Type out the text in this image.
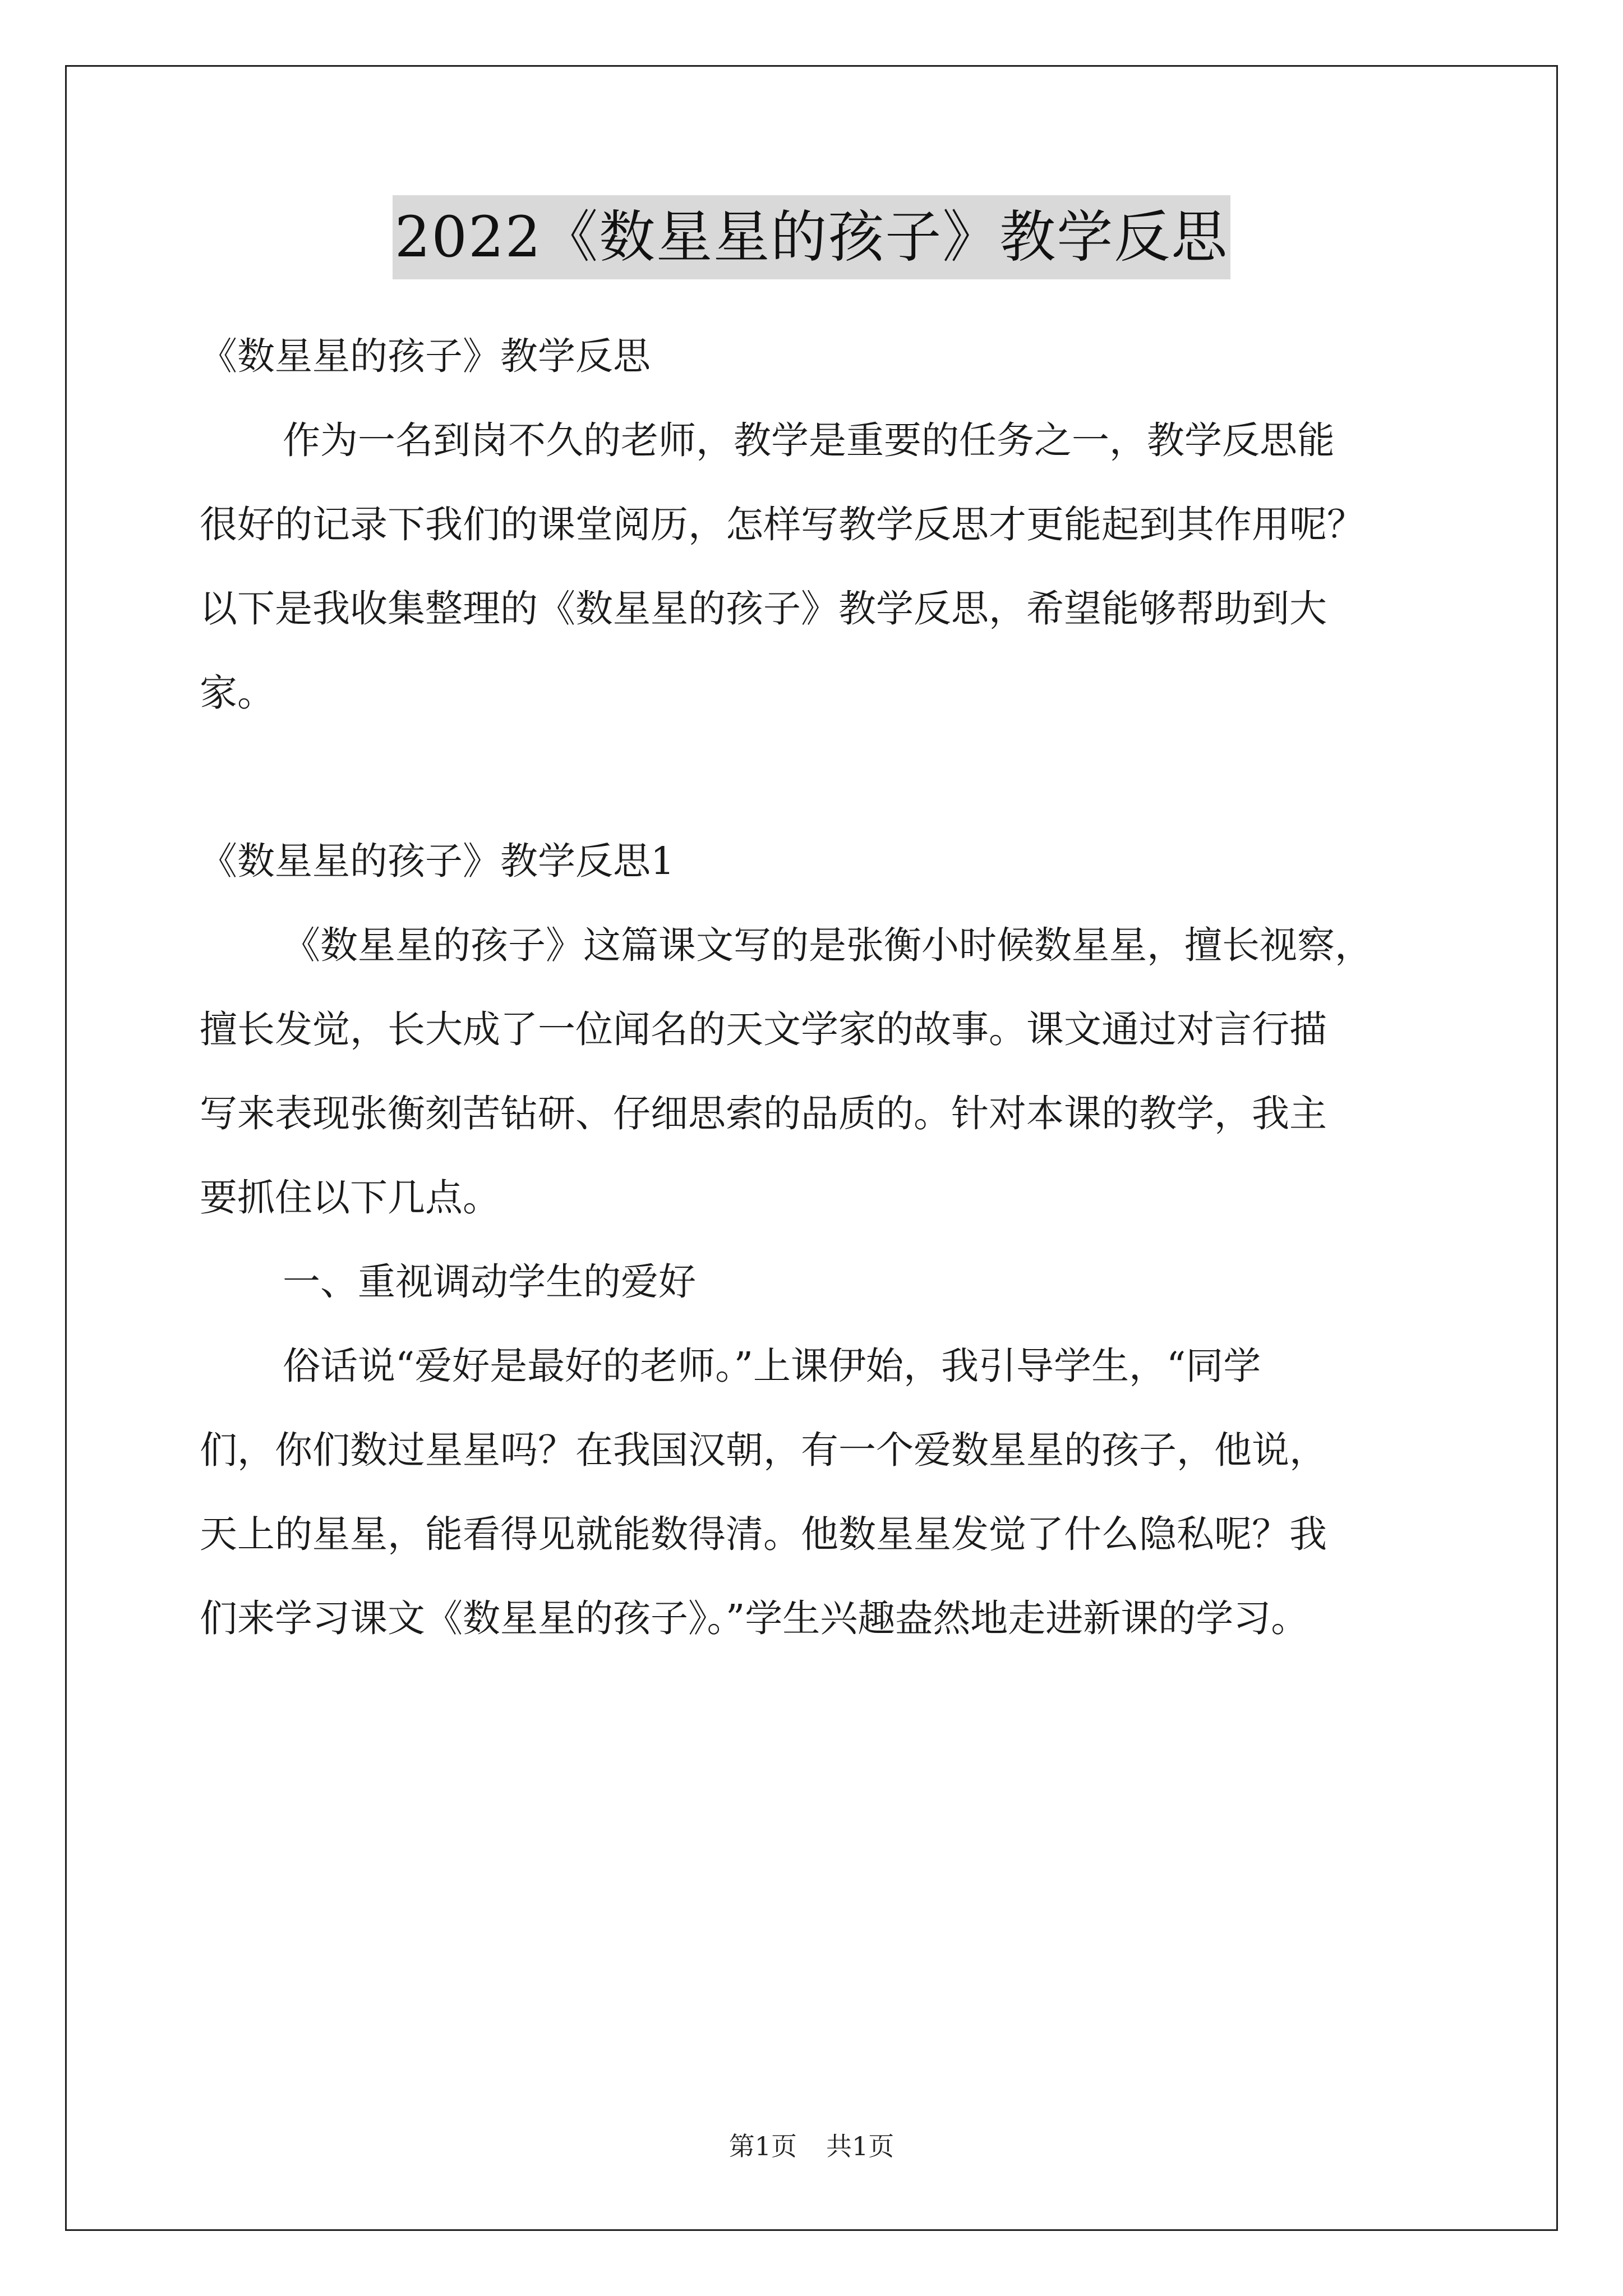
2022《数星星的孩子》教学反思

《数星星的孩子》教学反思

作为一名到岗不久的老师，教学是重要的任务之一，教学反思能

很好的记录下我们的课堂阅历，怎样写教学反思才更能起到其作用呢？

以下是我收集整理的《数星星的孩子》教学反思，希望能够帮助到大

家。

《数星星的孩子》教学反思1

《数星星的孩子》这篇课文写的是张衡小时候数星星，擅长视察，

擅长发觉，长大成了一位闻名的天文学家的故事。课文通过对言行描

写来表现张衡刻苦钻研、仔细思索的品质的。针对本课的教学，我主

要抓住以下几点。

一、重视调动学生的爱好

俗话说“爱好是最好的老师。”上课伊始，我引导学生，“同学

们，你们数过星星吗？在我国汉朝，有一个爱数星星的孩子，他说，

天上的星星，能看得见就能数得清。他数星星发觉了什么隐私呢？我

们来学习课文《数星星的孩子》。”学生兴趣盎然地走进新课的学习。

第1页 共1页
